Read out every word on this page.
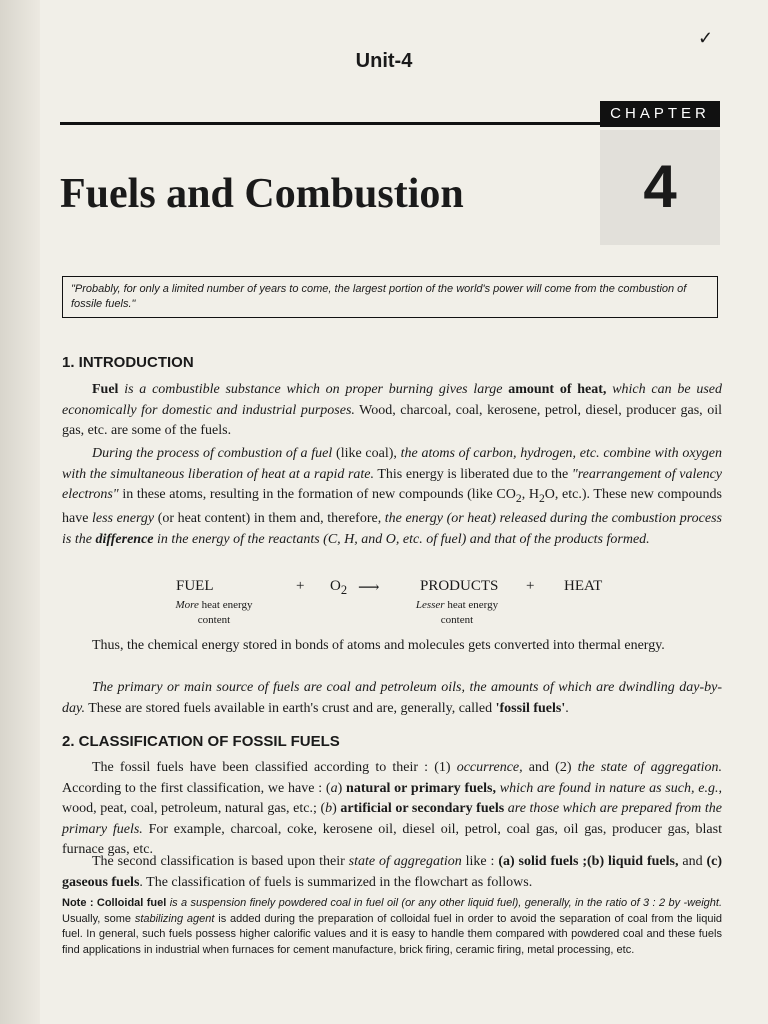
✓
Unit-4
CHAPTER
4
Fuels and Combustion
"Probably, for only a limited number of years to come, the largest portion of the world's power will come from the combustion of fossile fuels."
1. INTRODUCTION
Fuel is a combustible substance which on proper burning gives large amount of heat, which can be used economically for domestic and industrial purposes. Wood, charcoal, coal, kerosene, petrol, diesel, producer gas, oil gas, etc. are some of the fuels.
During the process of combustion of a fuel (like coal), the atoms of carbon, hydrogen, etc. combine with oxygen with the simultaneous liberation of heat at a rapid rate. This energy is liberated due to the "rearrangement of valency electrons" in these atoms, resulting in the formation of new compounds (like $CO_2$, $H_2O$, etc.). These new compounds have less energy (or heat content) in them and, therefore, the energy (or heat) released during the combustion process is the difference in the energy of the reactants (C, H, and O, etc. of fuel) and that of the products formed.
FUEL	+ $O_2$ ⟶	PRODUCTS + HEAT
More heat energy
content
Lesser heat energy
content
Thus, the chemical energy stored in bonds of atoms and molecules gets converted into thermal energy.
The primary or main source of fuels are coal and petroleum oils, the amounts of which are dwindling day-by-day. These are stored fuels available in earth's crust and are, generally, called 'fossil fuels'.
2. CLASSIFICATION OF FOSSIL FUELS
The fossil fuels have been classified according to their : (1) occurrence, and (2) the state of aggregation. According to the first classification, we have : (a) natural or primary fuels, which are found in nature as such, e.g., wood, peat, coal, petroleum, natural gas, etc.; (b) artificial or secondary fuels are those which are prepared from the primary fuels. For example, charcoal, coke, kerosene oil, diesel oil, petrol, coal gas, oil gas, producer gas, blast furnace gas, etc.
The second classification is based upon their state of aggregation like : (a) solid fuels ;(b) liquid fuels, and (c) gaseous fuels. The classification of fuels is summarized in the flowchart as follows.
Note : Colloidal fuel is a suspension finely powdered coal in fuel oil (or any other liquid fuel), generally, in the ratio of 3 : 2 by -weight. Usually, some stabilizing agent is added during the preparation of colloidal fuel in order to avoid the separation of coal from the liquid fuel. In general, such fuels possess higher calorific values and it is easy to handle them compared with powdered coal and these fuels find applications in industrial when furnaces for cement manufacture, brick firing, ceramic firing, metal processing, etc.
